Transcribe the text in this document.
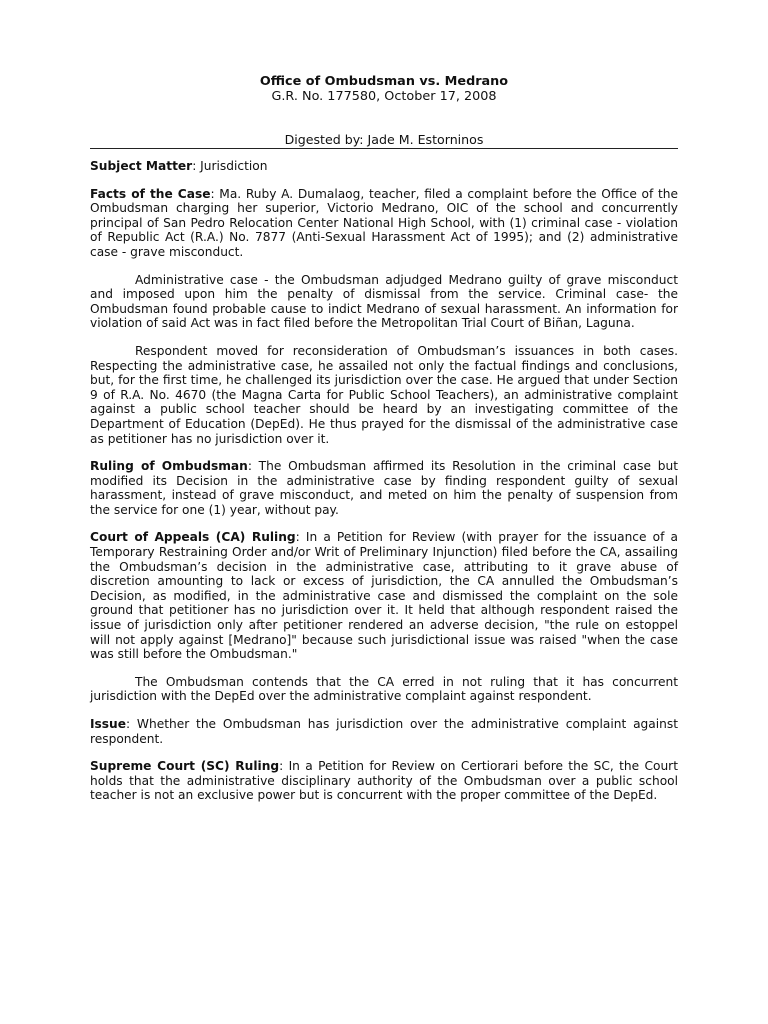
Office of Ombudsman vs. Medrano
G.R. No. 177580, October 17, 2008
Digested by: Jade M. Estorninos

Subject Matter: Jurisdiction

Facts of the Case: Ma. Ruby A. Dumalaog, teacher, filed a complaint before the Office of the Ombudsman charging her superior, Victorio Medrano, OIC of the school and concurrently principal of San Pedro Relocation Center National High School, with (1) criminal case - violation of Republic Act (R.A.) No. 7877 (Anti-Sexual Harassment Act of 1995); and (2) administrative case - grave misconduct.

Administrative case - the Ombudsman adjudged Medrano guilty of grave misconduct and imposed upon him the penalty of dismissal from the service. Criminal case- the Ombudsman found probable cause to indict Medrano of sexual harassment. An information for violation of said Act was in fact filed before the Metropolitan Trial Court of Biñan, Laguna.

Respondent moved for reconsideration of Ombudsman’s issuances in both cases. Respecting the administrative case, he assailed not only the factual findings and conclusions, but, for the first time, he challenged its jurisdiction over the case. He argued that under Section 9 of R.A. No. 4670 (the Magna Carta for Public School Teachers), an administrative complaint against a public school teacher should be heard by an investigating committee of the Department of Education (DepEd). He thus prayed for the dismissal of the administrative case as petitioner has no jurisdiction over it.

Ruling of Ombudsman: The Ombudsman affirmed its Resolution in the criminal case but modified its Decision in the administrative case by finding respondent guilty of sexual harassment, instead of grave misconduct, and meted on him the penalty of suspension from the service for one (1) year, without pay.

Court of Appeals (CA) Ruling: In a Petition for Review (with prayer for the issuance of a Temporary Restraining Order and/or Writ of Preliminary Injunction) filed before the CA, assailing the Ombudsman’s decision in the administrative case, attributing to it grave abuse of discretion amounting to lack or excess of jurisdiction, the CA annulled the Ombudsman’s Decision, as modified, in the administrative case and dismissed the complaint on the sole ground that petitioner has no jurisdiction over it. It held that although respondent raised the issue of jurisdiction only after petitioner rendered an adverse decision, "the rule on estoppel will not apply against [Medrano]" because such jurisdictional issue was raised "when the case was still before the Ombudsman."

The Ombudsman contends that the CA erred in not ruling that it has concurrent jurisdiction with the DepEd over the administrative complaint against respondent.

Issue: Whether the Ombudsman has jurisdiction over the administrative complaint against respondent.

Supreme Court (SC) Ruling: In a Petition for Review on Certiorari before the SC, the Court holds that the administrative disciplinary authority of the Ombudsman over a public school teacher is not an exclusive power but is concurrent with the proper committee of the DepEd.
